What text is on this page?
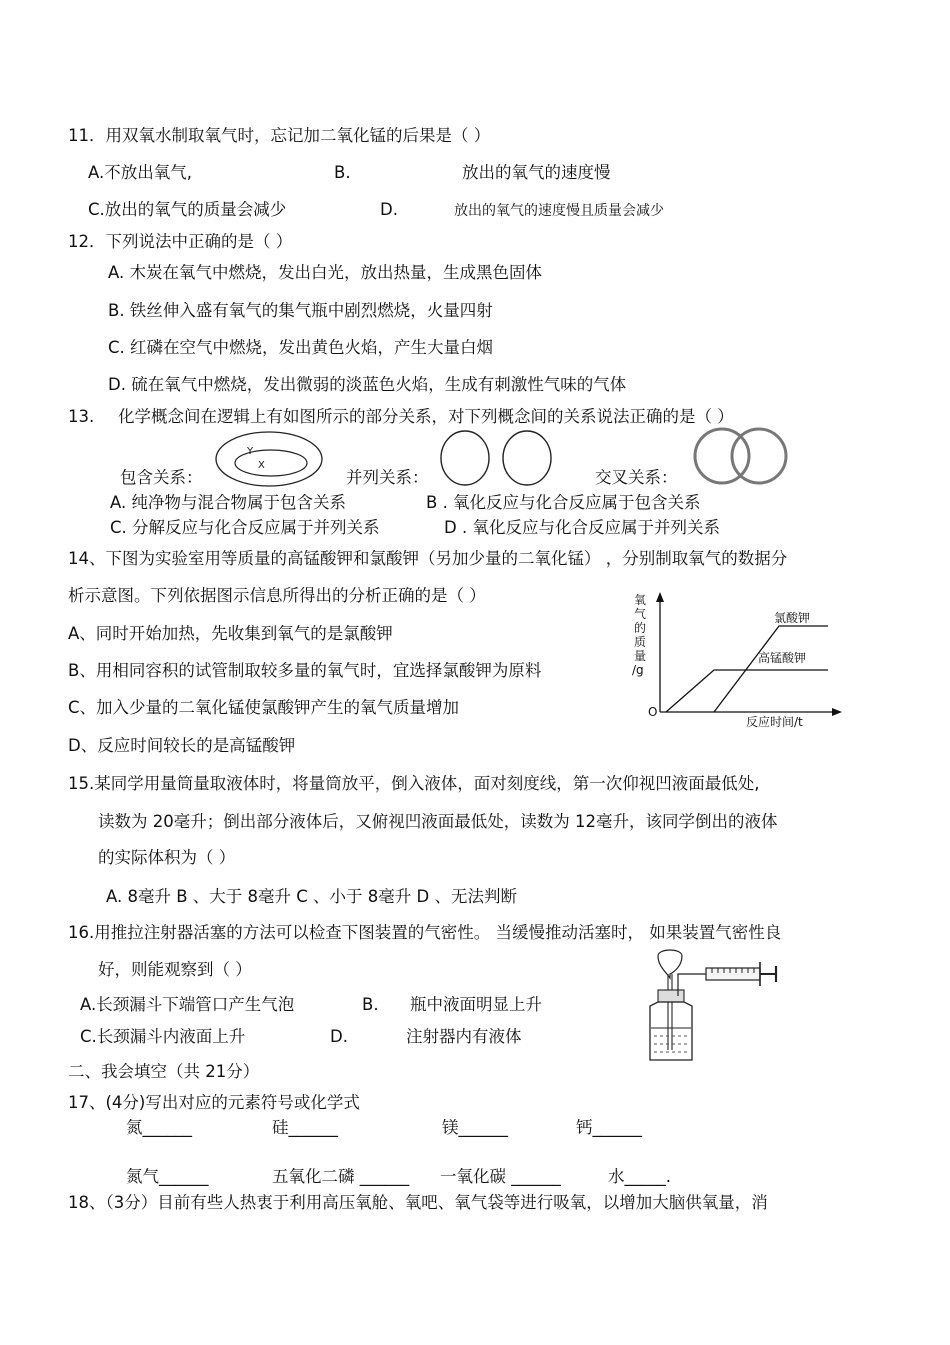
11．用双氧水制取氧气时，忘记加二氧化锰的后果是（ ）
A.不放出氧气,	B.	放出的氧气的速度慢
C.放出的氧气的质量会减少	D.	放出的氧气的速度慢且质量会减少
12．下列说法中正确的是（ ）
A. 木炭在氧气中燃烧，发出白光，放出热量，生成黑色固体
B. 铁丝伸入盛有氧气的集气瓶中剧烈燃烧，火量四射
C. 红磷在空气中燃烧，发出黄色火焰，产生大量白烟
D. 硫在氧气中燃烧，发出微弱的淡蓝色火焰，生成有刺激性气味的气体
13. 化学概念间在逻辑上有如图所示的部分关系，对下列概念间的关系说法正确的是（ ）
包含关系：
Y
X
并列关系：	交叉关系：
A. 纯净物与混合物属于包含关系	B . 氧化反应与化合反应属于包含关系
C. 分解反应与化合反应属于并列关系	D . 氧化反应与化合反应属于并列关系
14、下图为实验室用等质量的高锰酸钾和氯酸钾（另加少量的二氧化锰） ，分别制取氧气的数据分
析示意图。下列依据图示信息所得出的分析正确的是（ ）
A、同时开始加热，先收集到氧气的是氯酸钾
B、用相同容积的试管制取较多量的氧气时，宜选择氯酸钾为原料
C、加入少量的二氧化锰使氯酸钾产生的氧气质量增加
D、反应时间较长的是高锰酸钾
氧
气
的
质
量
/g
O
反应时间/t
氯酸钾
高锰酸钾
15.某同学用量筒量取液体时，将量筒放平，倒入液体，面对刻度线，第一次仰视凹液面最低处,
读数为 20毫升；倒出部分液体后，又俯视凹液面最低处，读数为 12毫升，该同学倒出的液体
的实际体积为（ ）
A. 8毫升 B 、大于 8毫升 C 、小于 8毫升 D 、无法判断
16.用推拉注射器活塞的方法可以检查下图装置的气密性。 当缓慢推动活塞时， 如果装置气密性良
好，则能观察到（ ）
A.长颈漏斗下端管口产生气泡	B. 瓶中液面明显上升
C.长颈漏斗内液面上升	D.	注射器内有液体
二、我会填空（共 21分）
17、(4分)写出对应的元素符号或化学式
氮______	硅______	镁______	钙______
氮气______	五氧化二磷 ______ 一氧化碳 ______	水_____.
18、（3分）目前有些人热衷于利用高压氧舱、氧吧、氧气袋等进行吸氧，以增加大脑供氧量，消
